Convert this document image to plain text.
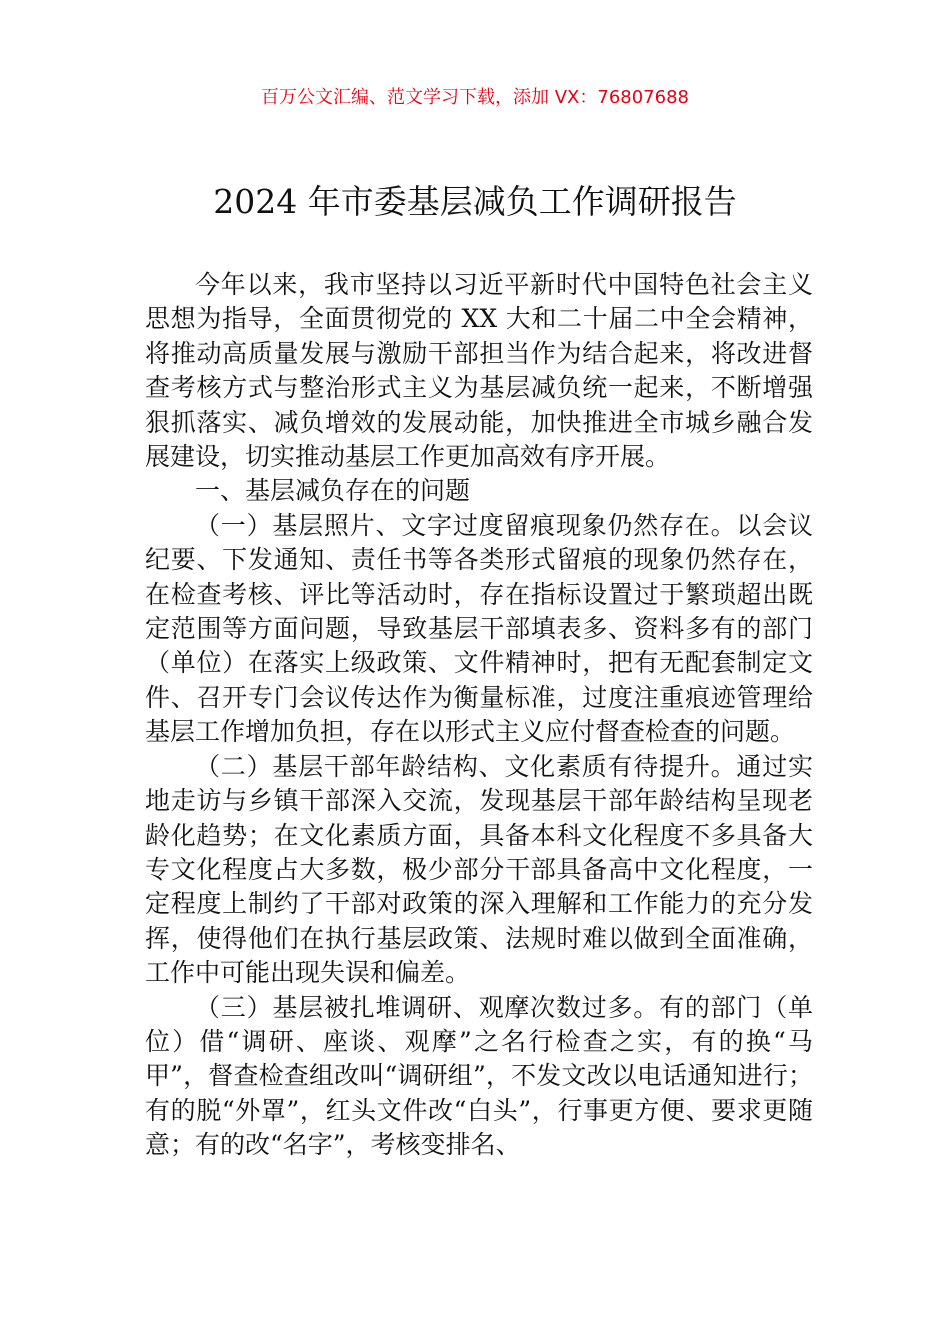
百万公文汇编、范文学习下载，添加 VX：76807688
2024 年市委基层减负工作调研报告

今年以来，我市坚持以习近平新时代中国特色社会主义思想为指导，全面贯彻党的 XX 大和二十届二中全会精神，将推动高质量发展与激励干部担当作为结合起来，将改进督查考核方式与整治形式主义为基层减负统一起来，不断增强狠抓落实、减负增效的发展动能，加快推进全市城乡融合发展建设，切实推动基层工作更加高效有序开展。

一、基层减负存在的问题

（一）基层照片、文字过度留痕现象仍然存在。以会议纪要、下发通知、责任书等各类形式留痕的现象仍然存在，在检查考核、评比等活动时，存在指标设置过于繁琐超出既定范围等方面问题，导致基层干部填表多、资料多有的部门（单位）在落实上级政策、文件精神时，把有无配套制定文件、召开专门会议传达作为衡量标准，过度注重痕迹管理给基层工作增加负担，存在以形式主义应付督查检查的问题。

（二）基层干部年龄结构、文化素质有待提升。通过实地走访与乡镇干部深入交流，发现基层干部年龄结构呈现老龄化趋势；在文化素质方面，具备本科文化程度不多具备大专文化程度占大多数，极少部分干部具备高中文化程度，一定程度上制约了干部对政策的深入理解和工作能力的充分发挥，使得他们在执行基层政策、法规时难以做到全面准确，工作中可能出现失误和偏差。

（三）基层被扎堆调研、观摩次数过多。有的部门（单位）借“调研、座谈、观摩”之名行检查之实，有的换“马甲”，督查检查组改叫“调研组”，不发文改以电话通知进行；有的脱“外罩”，红头文件改“白头”，行事更方便、要求更随意；有的改“名字”，考核变排名、
